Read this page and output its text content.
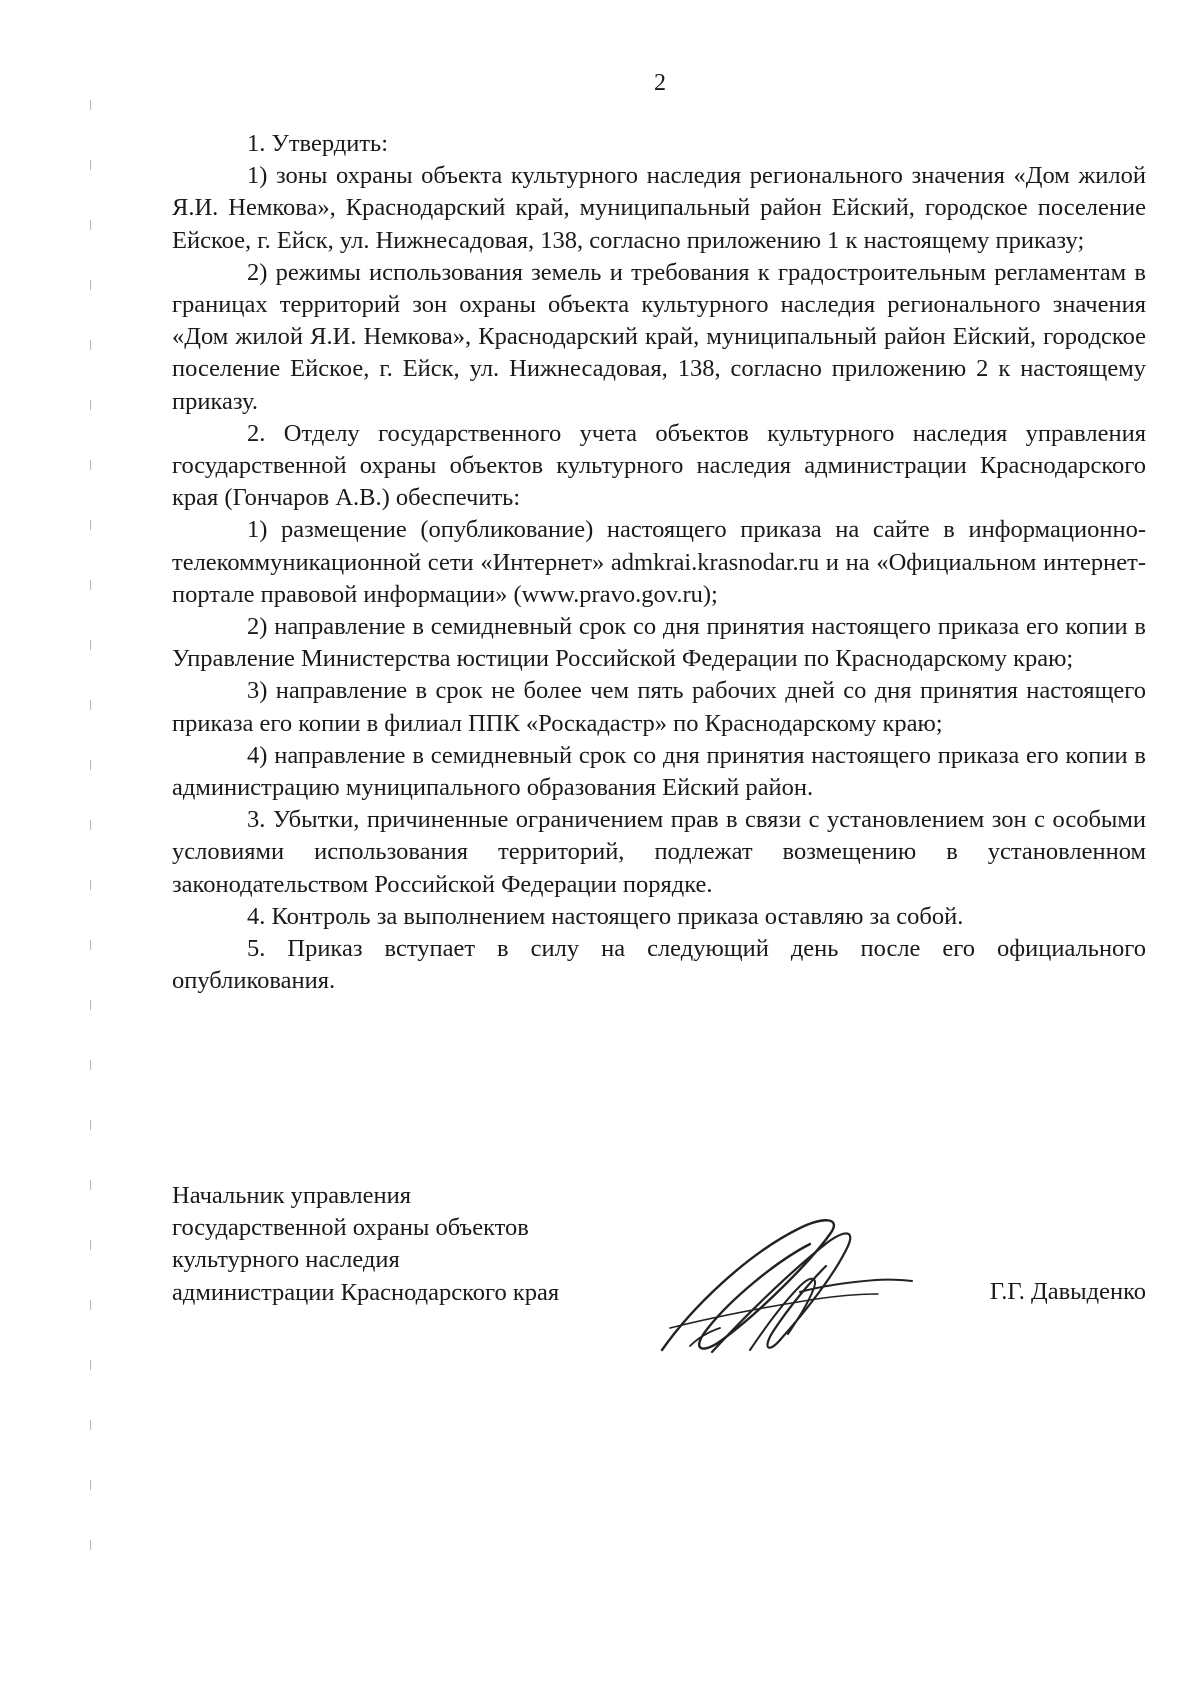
2

1. Утвердить:

1) зоны охраны объекта культурного наследия регионального значения «Дом жилой Я.И. Немкова», Краснодарский край, муниципальный район Ейский, городское поселение Ейское, г. Ейск, ул. Нижнесадовая, 138, согласно приложению 1 к настоящему приказу;

2) режимы использования земель и требования к градостроительным регламентам в границах территорий зон охраны объекта культурного наследия регионального значения «Дом жилой Я.И. Немкова», Краснодарский край, муниципальный район Ейский, городское поселение Ейское, г. Ейск, ул. Нижнесадовая, 138, согласно приложению 2 к настоящему приказу.

2. Отделу государственного учета объектов культурного наследия управления государственной охраны объектов культурного наследия администрации Краснодарского края (Гончаров А.В.) обеспечить:

1) размещение (опубликование) настоящего приказа на сайте в информационно-телекоммуникационной сети «Интернет» admkrai.krasnodar.ru и на «Официальном интернет-портале правовой информации» (www.pravo.gov.ru);

2) направление в семидневный срок со дня принятия настоящего приказа его копии в Управление Министерства юстиции Российской Федерации по Краснодарскому краю;

3) направление в срок не более чем пять рабочих дней со дня принятия настоящего приказа его копии в филиал ППК «Роскадастр» по Краснодарскому краю;

4) направление в семидневный срок со дня принятия настоящего приказа его копии в администрацию муниципального образования Ейский район.

3. Убытки, причиненные ограничением прав в связи с установлением зон с особыми условиями использования территорий, подлежат возмещению в установленном законодательством Российской Федерации порядке.

4. Контроль за выполнением настоящего приказа оставляю за собой.

5. Приказ вступает в силу на следующий день после его официального опубликования.

Начальник управления
государственной охраны объектов
культурного наследия
администрации Краснодарского края	Г.Г. Давыденко
